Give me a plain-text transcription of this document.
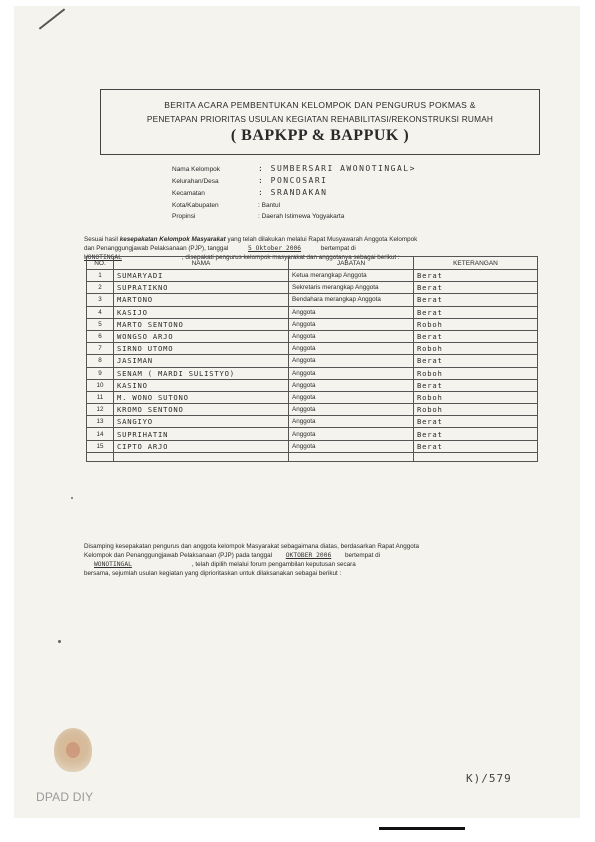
BERITA ACARA PEMBENTUKAN KELOMPOK DAN PENGURUS POKMAS &
PENETAPAN PRIORITAS USULAN KEGIATAN REHABILITASI/REKONSTRUKSI RUMAH
( BAPKPP & BAPPUK )
Nama Kelompok	: SUMBERSARI AWONOTINGAL>
Kelurahan/Desa	: PONCOSARI
Kecamatan	: SRANDAKAN
Kota/Kabupaten	: Bantul
Propinsi	: Daerah Istimewa Yogyakarta
Sesuai hasil kesepakatan Kelompok Masyarakat yang telah dilakukan melalui Rapat Musyawarah Anggota Kelompok
dan Penanggungjawab Pelaksanaan (PJP), tanggal	5 Oktober 2006	bertempat di
WONOTINGAL	, disepakati pengurus kelompok masyarakat dan anggotanya sebagai berikut :
NO.	NAMA	JABATAN	KETERANGAN
1	SUMARYADI	Ketua merangkap Anggota	Berat
2	SUPRATIKNO	Sekretaris merangkap Anggota	Berat
3	MARTONO	Bendahara merangkap Anggota	Berat
4	KASIJO	Anggota	Berat
5	MARTO SENTONO	Anggota	Roboh
6	WONGSO ARJO	Anggota	Berat
7	SIRNO UTOMO	Anggota	Roboh
8	JASIMAN	Anggota	Berat
9	SENAM ( MARDI SULISTYO)	Anggota	Roboh
10	KASINO	Anggota	Berat
11	M. WONO SUTONO	Anggota	Roboh
12	KROMO SENTONO	Anggota	Roboh
13	SANGIYO	Anggota	Berat
14	SUPRIHATIN	Anggota	Berat
15	CIPTO ARJO	Anggota	Berat

Disamping kesepakatan pengurus dan anggota kelompok Masyarakat sebagaimana diatas, berdasarkan Rapat Anggota
Kelompok dan Penanggungjawab Pelaksanaan (PJP) pada tanggal OKTOBER 2006 bertempat di
WONOTINGAL	, telah dipilih melalui forum pengambilan keputusan secara
bersama, sejumlah usulan kegiatan yang diprioritaskan untuk dilaksanakan sebagai berikut :
DPAD DIY
K)/579
